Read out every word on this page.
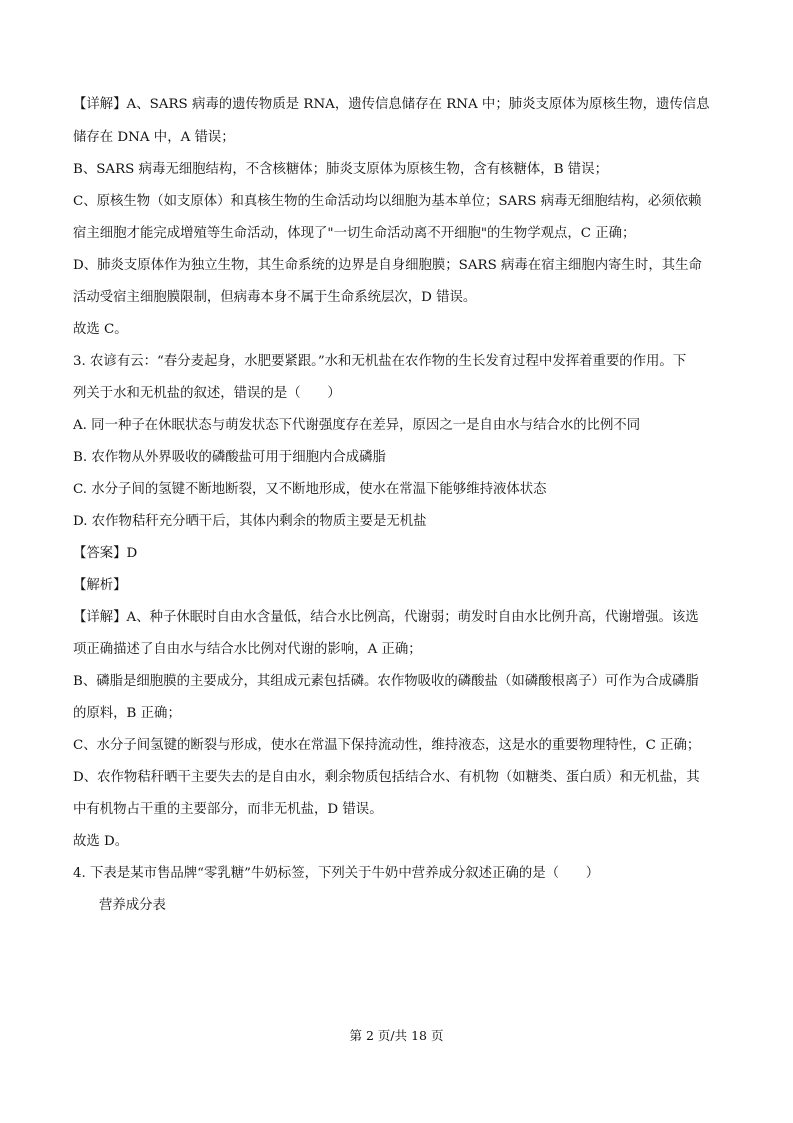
【详解】A、SARS 病毒的遗传物质是 RNA，遗传信息储存在 RNA 中；肺炎支原体为原核生物，遗传信息
储存在 DNA 中，A 错误；
B、SARS 病毒无细胞结构，不含核糖体；肺炎支原体为原核生物，含有核糖体，B 错误；
C、原核生物（如支原体）和真核生物的生命活动均以细胞为基本单位；SARS 病毒无细胞结构，必须依赖
宿主细胞才能完成增殖等生命活动，体现了"一切生命活动离不开细胞"的生物学观点，C 正确；
D、肺炎支原体作为独立生物，其生命系统的边界是自身细胞膜；SARS 病毒在宿主细胞内寄生时，其生命
活动受宿主细胞膜限制，但病毒本身不属于生命系统层次，D 错误。
故选 C。
3. 农谚有云：“春分麦起身，水肥要紧跟。”水和无机盐在农作物的生长发育过程中发挥着重要的作用。下
列关于水和无机盐的叙述，错误的是（　　）
A. 同一种子在休眠状态与萌发状态下代谢强度存在差异，原因之一是自由水与结合水的比例不同
B. 农作物从外界吸收的磷酸盐可用于细胞内合成磷脂
C. 水分子间的氢键不断地断裂，又不断地形成，使水在常温下能够维持液体状态
D. 农作物秸秆充分晒干后，其体内剩余的物质主要是无机盐
【答案】D
【解析】
【详解】A、种子休眠时自由水含量低，结合水比例高，代谢弱；萌发时自由水比例升高，代谢增强。该选
项正确描述了自由水与结合水比例对代谢的影响，A 正确；
B、磷脂是细胞膜的主要成分，其组成元素包括磷。农作物吸收的磷酸盐（如磷酸根离子）可作为合成磷脂
的原料，B 正确；
C、水分子间氢键的断裂与形成，使水在常温下保持流动性，维持液态，这是水的重要物理特性，C 正确；
D、农作物秸秆晒干主要失去的是自由水，剩余物质包括结合水、有机物（如糖类、蛋白质）和无机盐，其
中有机物占干重的主要部分，而非无机盐，D 错误。
故选 D。
4. 下表是某市售品牌“零乳糖”牛奶标签，下列关于牛奶中营养成分叙述正确的是（　　）
营养成分表
第 2 页/共 18 页
